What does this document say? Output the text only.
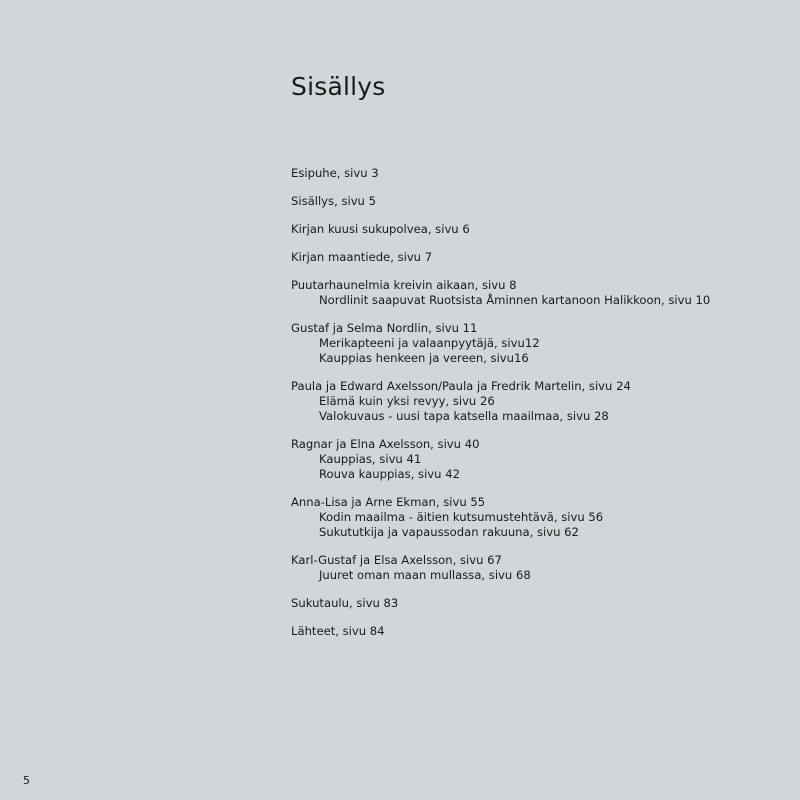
Sisällys
Esipuhe, sivu 3
Sisällys, sivu 5
Kirjan kuusi sukupolvea, sivu 6
Kirjan maantiede, sivu 7
Puutarhaunelmia kreivin aikaan, sivu 8
Nordlinit saapuvat Ruotsista Åminnen kartanoon Halikkoon, sivu 10
Gustaf ja Selma Nordlin, sivu 11
Merikapteeni ja valaanpyytäjä, sivu12
Kauppias henkeen ja vereen, sivu16
Paula ja Edward Axelsson/Paula ja Fredrik Martelin, sivu 24
Elämä kuin yksi revyy, sivu 26
Valokuvaus - uusi tapa katsella maailmaa, sivu 28
Ragnar ja Elna Axelsson, sivu 40
Kauppias, sivu 41
Rouva kauppias, sivu 42
Anna-Lisa ja Arne Ekman, sivu 55
Kodin maailma - äitien kutsumustehtävä, sivu 56
Sukututkija ja vapaussodan rakuuna, sivu 62
Karl-Gustaf ja Elsa Axelsson, sivu 67
Juuret oman maan mullassa, sivu 68
Sukutaulu, sivu 83
Lähteet, sivu 84
5
